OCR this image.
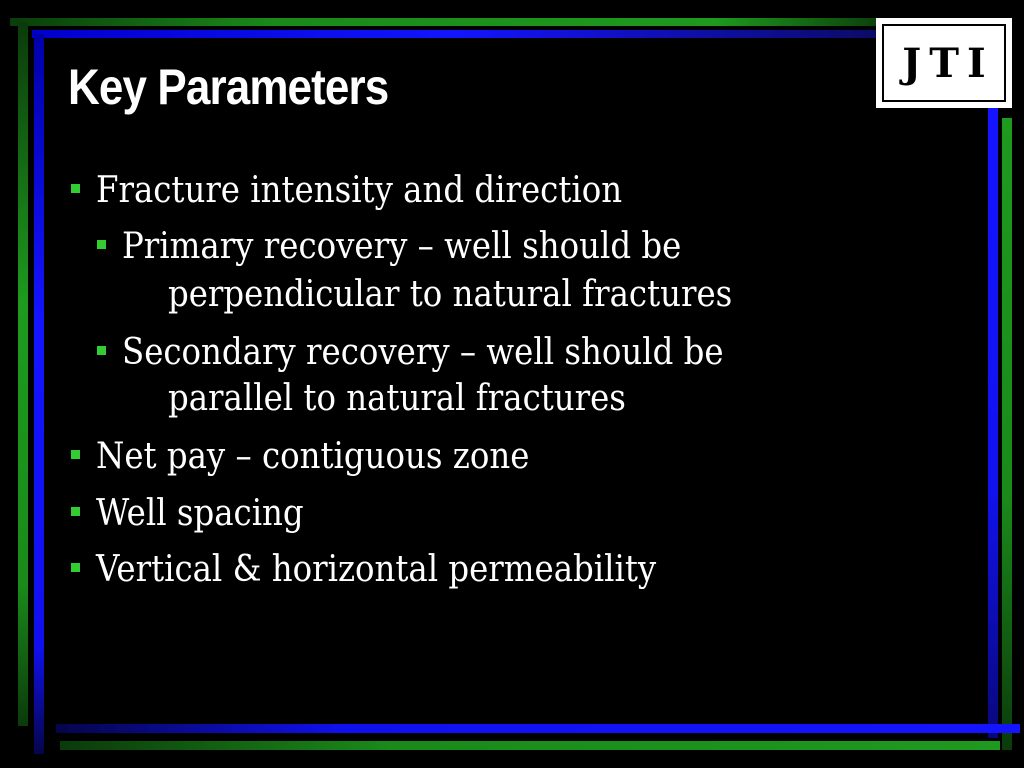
JTI
Key Parameters
Fracture intensity and direction
Primary recovery – well should be
perpendicular to natural fractures
Secondary recovery – well should be
parallel to natural fractures
Net pay – contiguous zone
Well spacing
Vertical & horizontal permeability
